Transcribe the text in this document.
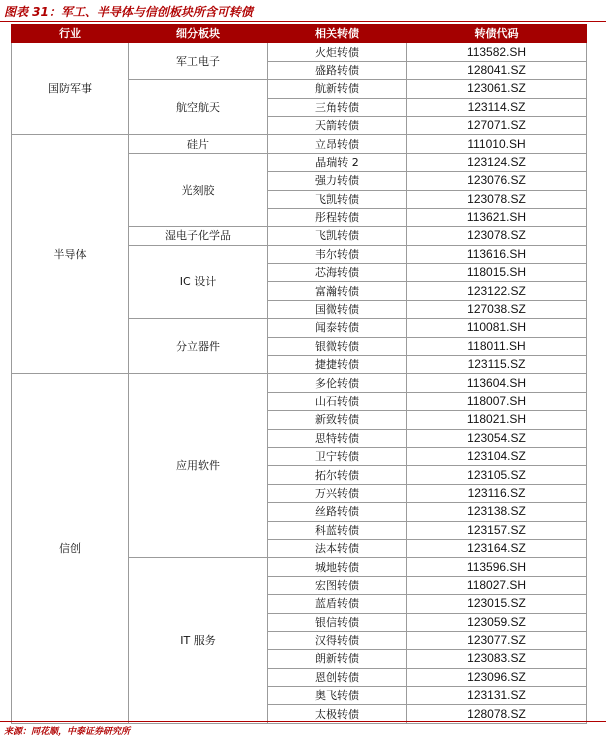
图表 31：军工、半导体与信创板块所含可转债
行业	细分板块	相关转债	转债代码
国防军事	军工电子	火炬转债	113582.SH
		盛路转债	128041.SZ
	航空航天	航新转债	123061.SZ
		三角转债	123114.SZ
		天箭转债	127071.SZ
半导体	硅片	立昂转债	111010.SH
	光刻胶	晶瑞转 2	123124.SZ
		强力转债	123076.SZ
		飞凯转债	123078.SZ
		彤程转债	113621.SH
	湿电子化学品	飞凯转债	123078.SZ
	IC 设计	韦尔转债	113616.SH
		芯海转债	118015.SH
		富瀚转债	123122.SZ
		国微转债	127038.SZ
	分立器件	闻泰转债	110081.SH
		银微转债	118011.SH
		捷捷转债	123115.SZ
信创	应用软件	多伦转债	113604.SH
		山石转债	118007.SH
		新致转债	118021.SH
		思特转债	123054.SZ
		卫宁转债	123104.SZ
		拓尔转债	123105.SZ
		万兴转债	123116.SZ
		丝路转债	123138.SZ
		科蓝转债	123157.SZ
		法本转债	123164.SZ
	IT 服务	城地转债	113596.SH
		宏图转债	118027.SH
		蓝盾转债	123015.SZ
		银信转债	123059.SZ
		汉得转债	123077.SZ
		朗新转债	123083.SZ
		恩创转债	123096.SZ
		奥飞转债	123131.SZ
		太极转债	128078.SZ
来源：同花顺，中泰证券研究所
